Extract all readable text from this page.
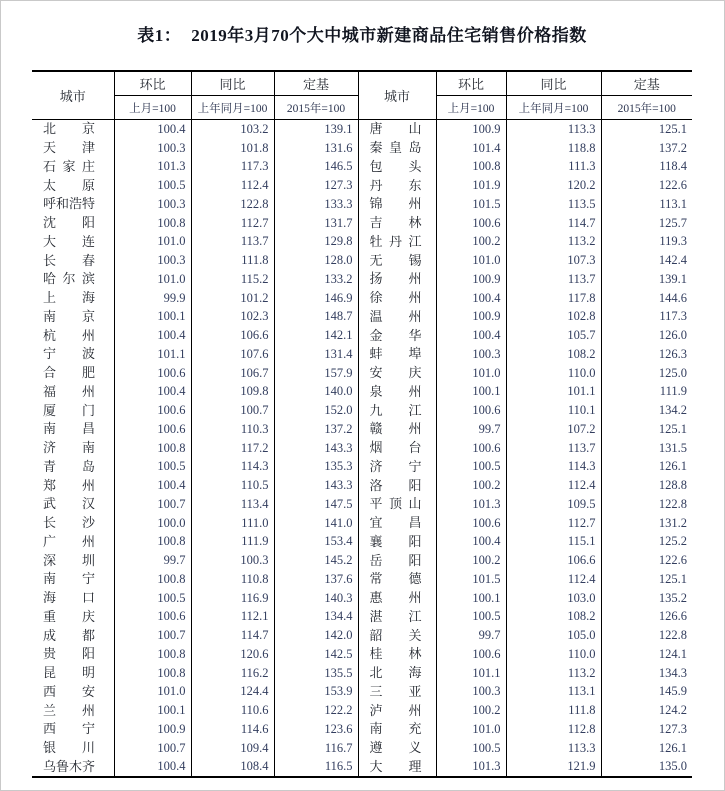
表1： 2019年3月70个大中城市新建商品住宅销售价格指数
城市	环比	同比	定基	城市	环比	同比	定基
	上月=100	上年同月=100	2015年=100		上月=100	上年同月=100	2015年=100
北京	100.4	103.2	139.1	唐山	100.9	113.3	125.1
天津	100.3	101.8	131.6	秦皇岛	101.4	118.8	137.2
石家庄	101.3	117.3	146.5	包头	100.8	111.3	118.4
太原	100.5	112.4	127.3	丹东	101.9	120.2	122.6
呼和浩特	100.3	122.8	133.3	锦州	101.5	113.5	113.1
沈阳	100.8	112.7	131.7	吉林	100.6	114.7	125.7
大连	101.0	113.7	129.8	牡丹江	100.2	113.2	119.3
长春	100.3	111.8	128.0	无锡	101.0	107.3	142.4
哈尔滨	101.0	115.2	133.2	扬州	100.9	113.7	139.1
上海	99.9	101.2	146.9	徐州	100.4	117.8	144.6
南京	100.1	102.3	148.7	温州	100.9	102.8	117.3
杭州	100.4	106.6	142.1	金华	100.4	105.7	126.0
宁波	101.1	107.6	131.4	蚌埠	100.3	108.2	126.3
合肥	100.6	106.7	157.9	安庆	101.0	110.0	125.0
福州	100.4	109.8	140.0	泉州	100.1	101.1	111.9
厦门	100.6	100.7	152.0	九江	100.6	110.1	134.2
南昌	100.6	110.3	137.2	赣州	99.7	107.2	125.1
济南	100.8	117.2	143.3	烟台	100.6	113.7	131.5
青岛	100.5	114.3	135.3	济宁	100.5	114.3	126.1
郑州	100.4	110.5	143.3	洛阳	100.2	112.4	128.8
武汉	100.7	113.4	147.5	平顶山	101.3	109.5	122.8
长沙	100.0	111.0	141.0	宜昌	100.6	112.7	131.2
广州	100.8	111.9	153.4	襄阳	100.4	115.1	125.2
深圳	99.7	100.3	145.2	岳阳	100.2	106.6	122.6
南宁	100.8	110.8	137.6	常德	101.5	112.4	125.1
海口	100.5	116.9	140.3	惠州	100.1	103.0	135.2
重庆	100.6	112.1	134.4	湛江	100.5	108.2	126.6
成都	100.7	114.7	142.0	韶关	99.7	105.0	122.8
贵阳	100.8	120.6	142.5	桂林	100.6	110.0	124.1
昆明	100.8	116.2	135.5	北海	101.1	113.2	134.3
西安	101.0	124.4	153.9	三亚	100.3	113.1	145.9
兰州	100.1	110.6	122.2	泸州	100.2	111.8	124.2
西宁	100.9	114.6	123.6	南充	101.0	112.8	127.3
银川	100.7	109.4	116.7	遵义	100.5	113.3	126.1
乌鲁木齐	100.4	108.4	116.5	大理	101.3	121.9	135.0
